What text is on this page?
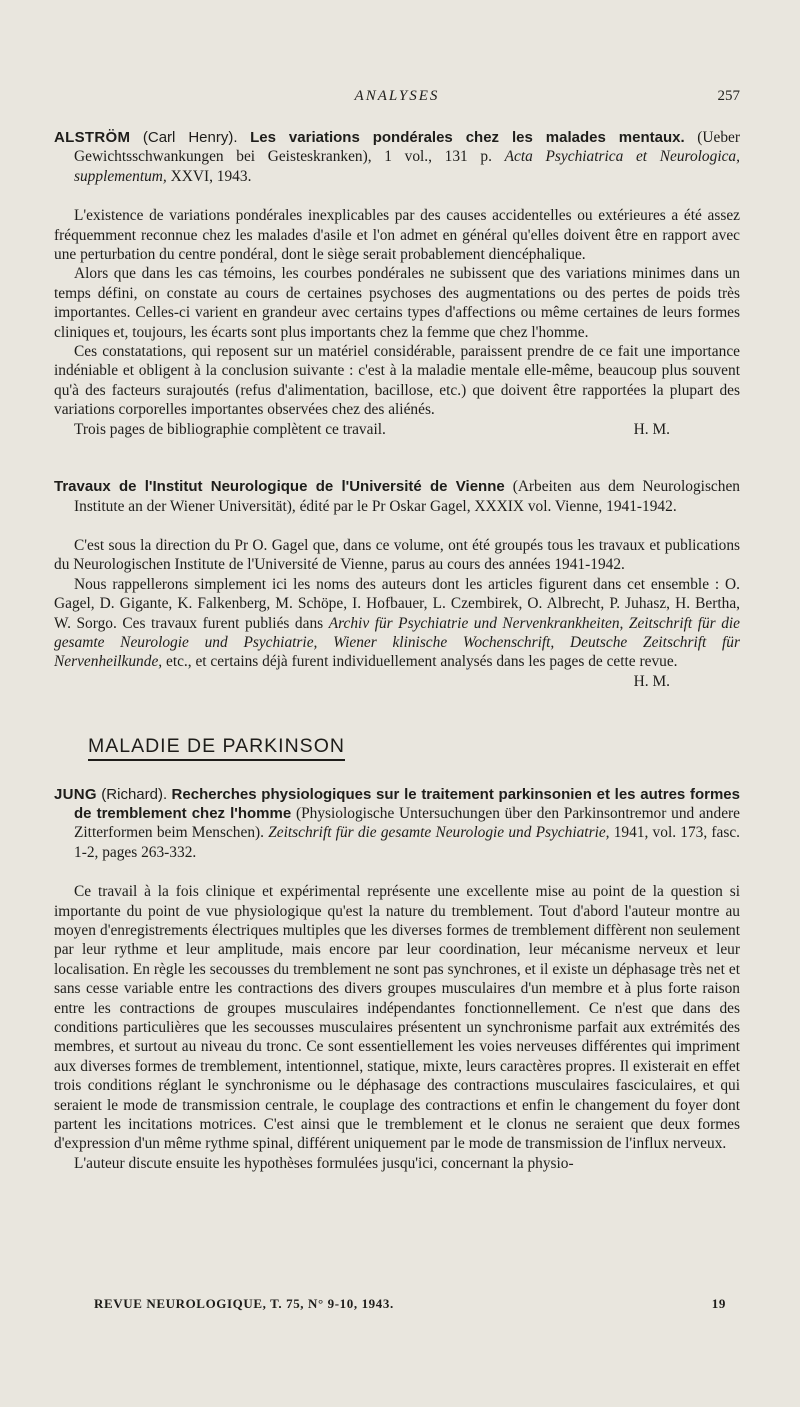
ANALYSES	257
ALSTRÖM (Carl Henry). Les variations pondérales chez les malades mentaux. (Ueber Gewichtsschwankungen bei Geisteskranken), 1 vol., 131 p. Acta Psychiatrica et Neurologica, supplementum, XXVI, 1943.

L'existence de variations pondérales inexplicables par des causes accidentelles ou extérieures a été assez fréquemment reconnue chez les malades d'asile et l'on admet en général qu'elles doivent être en rapport avec une perturbation du centre pondéral, dont le siège serait probablement diencéphalique.

Alors que dans les cas témoins, les courbes pondérales ne subissent que des variations minimes dans un temps défini, on constate au cours de certaines psychoses des augmentations ou des pertes de poids très importantes. Celles-ci varient en grandeur avec certains types d'affections ou même certaines de leurs formes cliniques et, toujours, les écarts sont plus importants chez la femme que chez l'homme.

Ces constatations, qui reposent sur un matériel considérable, paraissent prendre de ce fait une importance indéniable et obligent à la conclusion suivante : c'est à la maladie mentale elle-même, beaucoup plus souvent qu'à des facteurs surajoutés (refus d'alimentation, bacillose, etc.) que doivent être rapportées la plupart des variations corporelles importantes observées chez des aliénés.

Trois pages de bibliographie complètent ce travail.	H. M.

Travaux de l'Institut Neurologique de l'Université de Vienne (Arbeiten aus dem Neurologischen Institute an der Wiener Universität), édité par le Pr Oskar Gagel, XXXIX vol. Vienne, 1941-1942.

C'est sous la direction du Pr O. Gagel que, dans ce volume, ont été groupés tous les travaux et publications du Neurologischen Institute de l'Université de Vienne, parus au cours des années 1941-1942.

Nous rappellerons simplement ici les noms des auteurs dont les articles figurent dans cet ensemble : O. Gagel, D. Gigante, K. Falkenberg, M. Schöpe, I. Hofbauer, L. Czembirek, O. Albrecht, P. Juhasz, H. Bertha, W. Sorgo. Ces travaux furent publiés dans Archiv für Psychiatrie und Nervenkrankheiten, Zeitschrift für die gesamte Neurologie und Psychiatrie, Wiener klinische Wochenschrift, Deutsche Zeitschrift für Nervenheilkunde, etc., et certains déjà furent individuellement analysés dans les pages de cette revue.

H. M.

MALADIE DE PARKINSON
JUNG (Richard). Recherches physiologiques sur le traitement parkinsonien et les autres formes de tremblement chez l'homme (Physiologische Untersuchungen über den Parkinsontremor und andere Zitterformen beim Menschen). Zeitschrift für die gesamte Neurologie und Psychiatrie, 1941, vol. 173, fasc. 1-2, pages 263-332.

Ce travail à la fois clinique et expérimental représente une excellente mise au point de la question si importante du point de vue physiologique qu'est la nature du tremblement. Tout d'abord l'auteur montre au moyen d'enregistrements électriques multiples que les diverses formes de tremblement diffèrent non seulement par leur rythme et leur amplitude, mais encore par leur coordination, leur mécanisme nerveux et leur localisation. En règle les secousses du tremblement ne sont pas synchrones, et il existe un déphasage très net et sans cesse variable entre les contractions des divers groupes musculaires d'un membre et à plus forte raison entre les contractions de groupes musculaires indépendantes fonctionnellement. Ce n'est que dans des conditions particulières que les secousses musculaires présentent un synchronisme parfait aux extrémités des membres, et surtout au niveau du tronc. Ce sont essentiellement les voies nerveuses différentes qui impriment aux diverses formes de tremblement, intentionnel, statique, mixte, leurs caractères propres. Il existerait en effet trois conditions réglant le synchronisme ou le déphasage des contractions musculaires fasciculaires, et qui seraient le mode de transmission centrale, le couplage des contractions et enfin le changement du foyer dont partent les incitations motrices. C'est ainsi que le tremblement et le clonus ne seraient que deux formes d'expression d'un même rythme spinal, différent uniquement par le mode de transmission de l'influx nerveux.

L'auteur discute ensuite les hypothèses formulées jusqu'ici, concernant la physio-

REVUE NEUROLOGIQUE, T. 75, N° 9-10, 1943.	19
